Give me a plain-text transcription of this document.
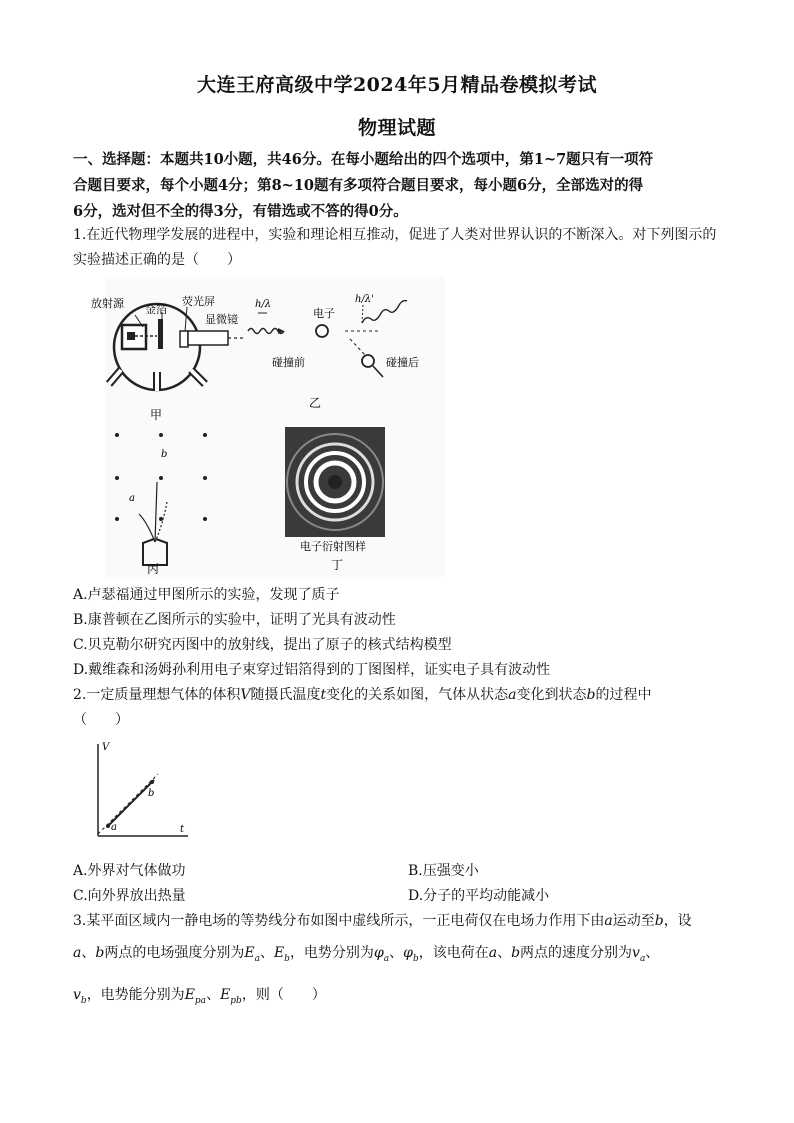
大连王府高级中学2024年5月精品卷模拟考试
物理试题
一、选择题：本题共10小题，共46分。在每小题给出的四个选项中，第1~7题只有一项符
合题目要求，每个小题4分；第8~10题有多项符合题目要求，每小题6分，全部选对的得
6分，选对但不全的得3分，有错选或不答的得0分。
1.在近代物理学发展的进程中，实验和理论相互推动，促进了人类对世界认识的不断深入。对下列图示的
实验描述正确的是（　　）
放射源 金箔
荧光屏
显微镜
甲
h/λ
电子
h/λ'
碰撞前	碰撞后
乙
a
b
丙
电子衍射图样
丁
A.卢瑟福通过甲图所示的实验，发现了质子
B.康普顿在乙图所示的实验中，证明了光具有波动性
C.贝克勒尔研究丙图中的放射线，提出了原子的核式结构模型
D.戴维森和汤姆孙利用电子束穿过铝箔得到的丁图图样，证实电子具有波动性
2.一定质量理想气体的体积V随摄氏温度t变化的关系如图，气体从状态a变化到状态b的过程中
（　　）
V
t
a
b
A.外界对气体做功	B.压强变小
C.向外界放出热量	D.分子的平均动能减小
3.某平面区域内一静电场的等势线分布如图中虚线所示，一正电荷仅在电场力作用下由a运动至b，设
a、b两点的电场强度分别为$E_a$、$E_b$，电势分别为$\varphi_a$、$\varphi_b$，该电荷在a、b两点的速度分别为$v_a$、
$v_b$，电势能分别为$E_{pa}$、$E_{pb}$，则（　　）
